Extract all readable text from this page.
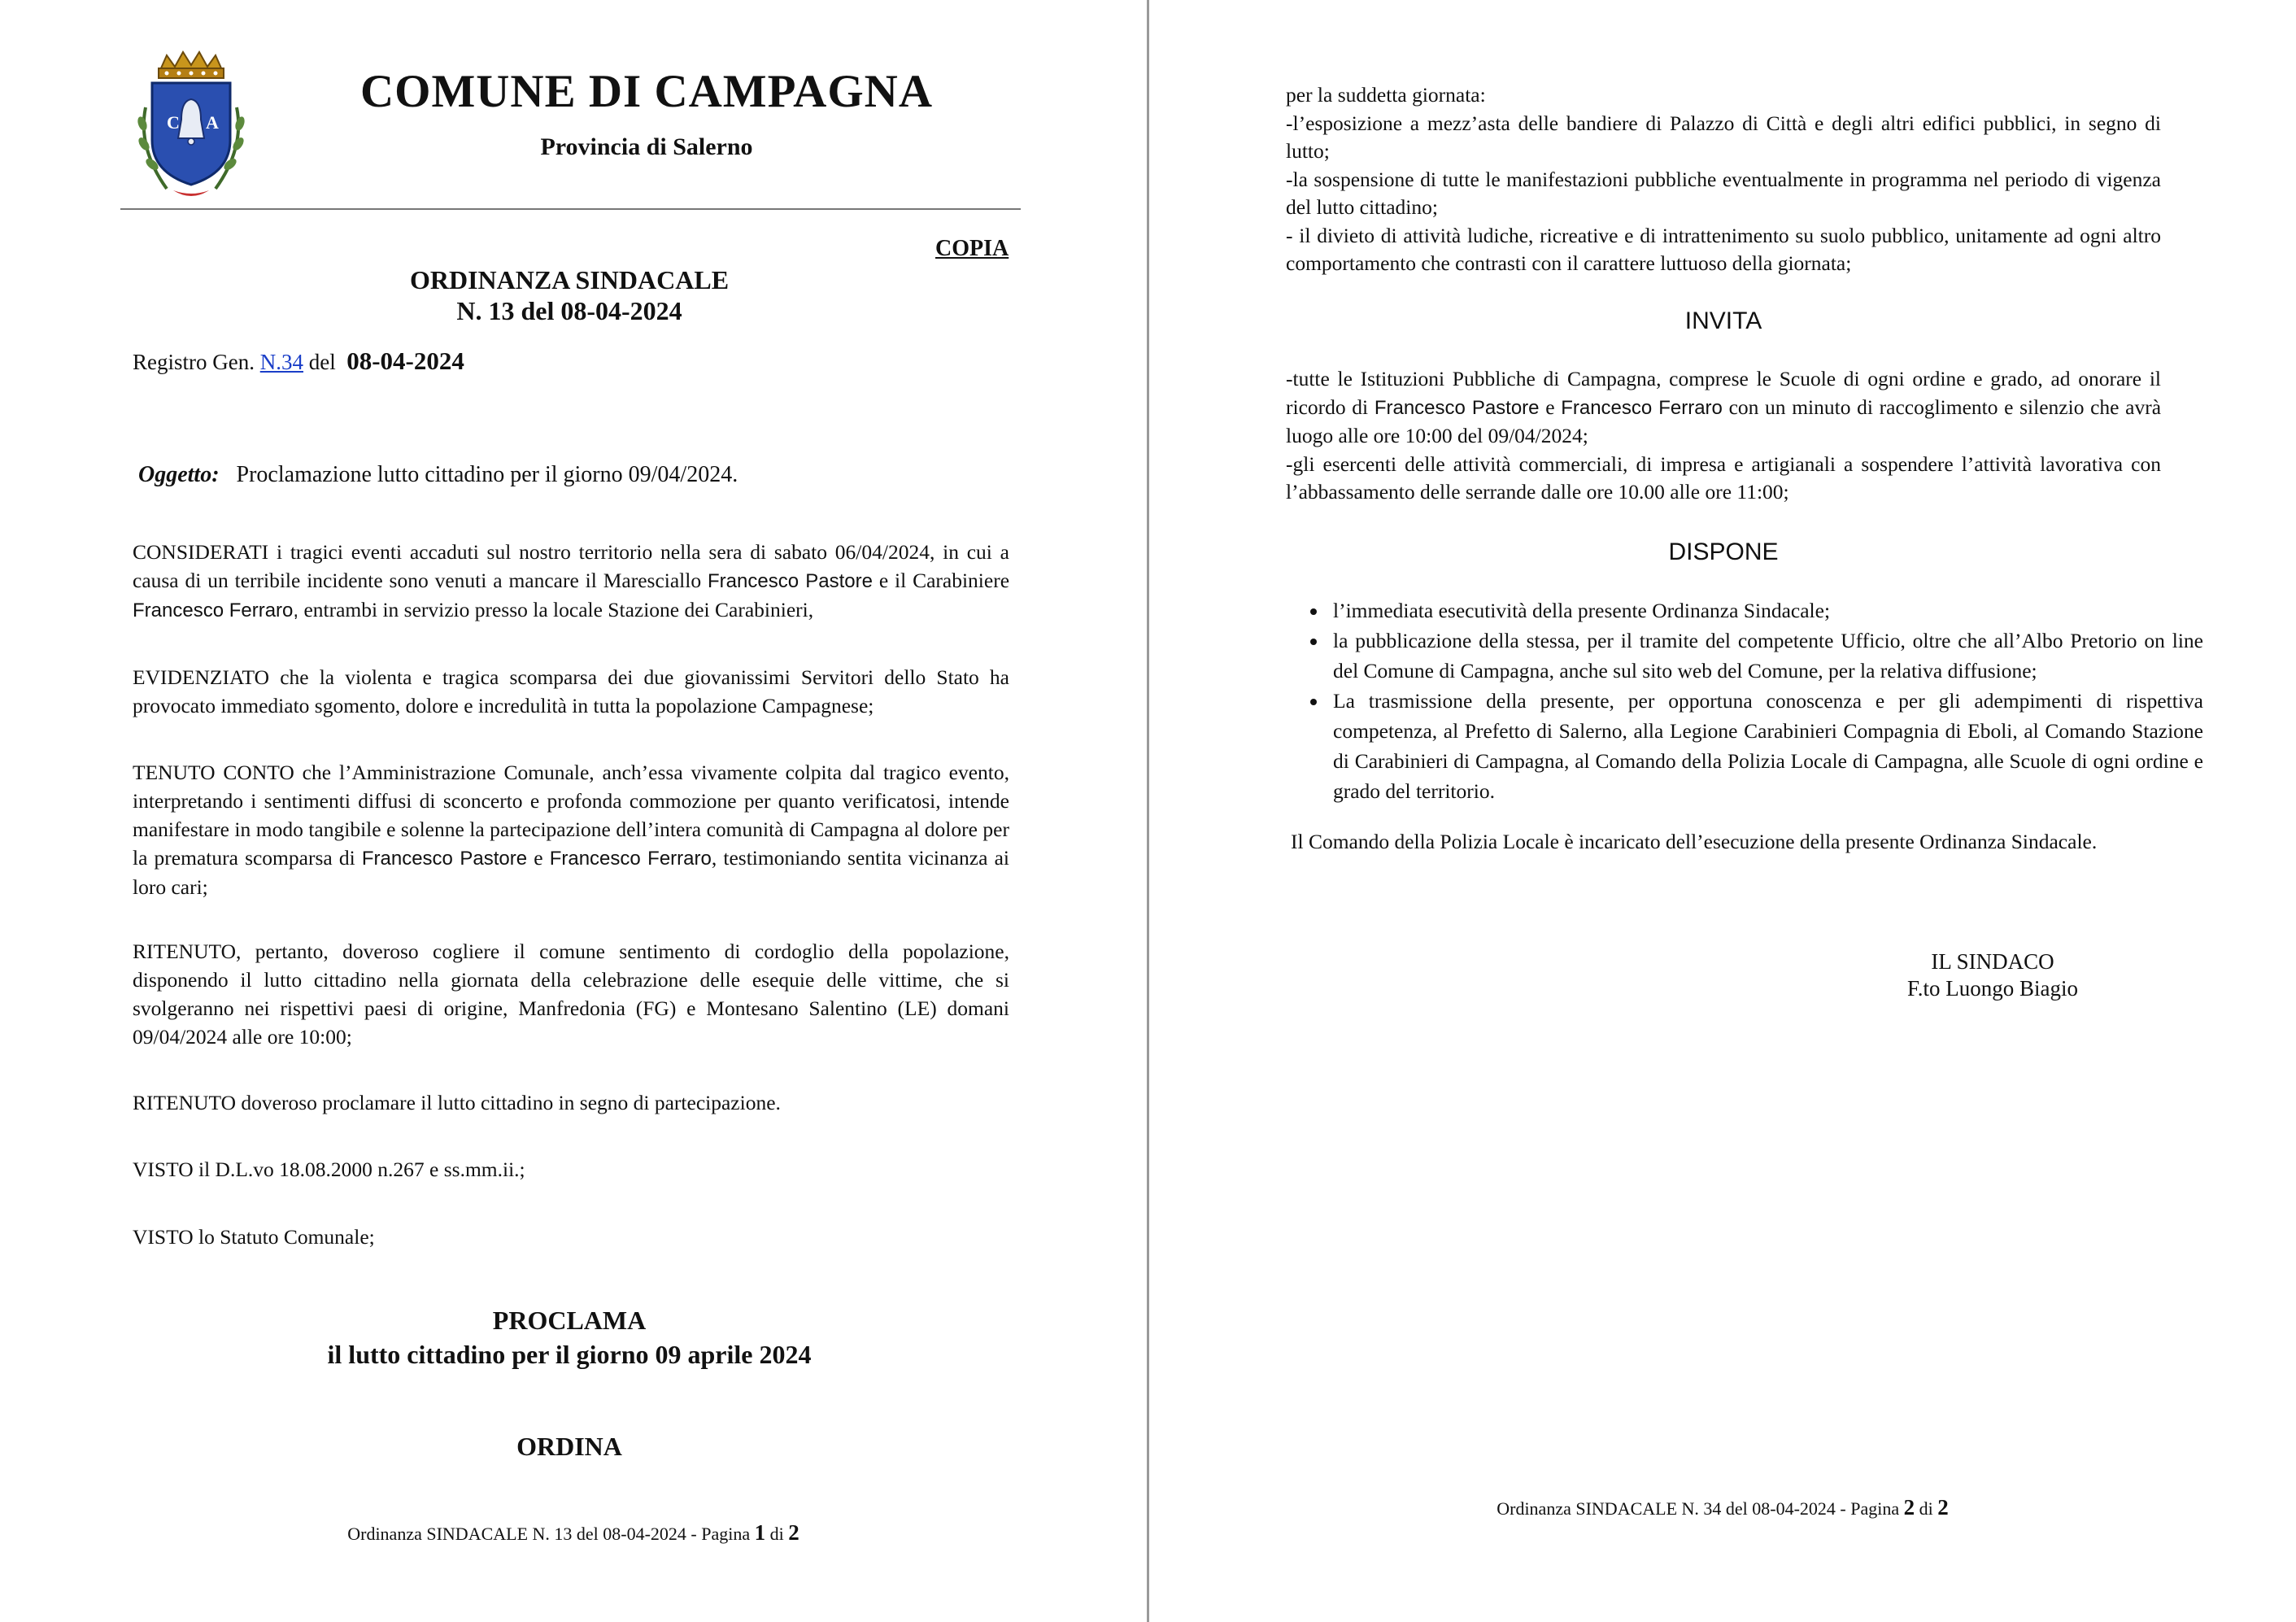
C A
COMUNE DI CAMPAGNA
Provincia di Salerno
COPIA
ORDINANZA SINDACALE
N. 13 del 08-04-2024
Registro Gen. N.34 del 08-04-2024
Oggetto: Proclamazione lutto cittadino per il giorno 09/04/2024.

CONSIDERATI i tragici eventi accaduti sul nostro territorio nella sera di sabato 06/04/2024, in cui a causa di un terribile incidente sono venuti a mancare il Maresciallo Francesco Pastore e il Carabiniere Francesco Ferraro, entrambi in servizio presso la locale Stazione dei Carabinieri,

EVIDENZIATO che la violenta e tragica scomparsa dei due giovanissimi Servitori dello Stato ha provocato immediato sgomento, dolore e incredulità in tutta la popolazione Campagnese;

TENUTO CONTO che l’Amministrazione Comunale, anch’essa vivamente colpita dal tragico evento, interpretando i sentimenti diffusi di sconcerto e profonda commozione per quanto verificatosi, intende manifestare in modo tangibile e solenne la partecipazione dell’intera comunità di Campagna al dolore per la prematura scomparsa di Francesco Pastore e Francesco Ferraro, testimoniando sentita vicinanza ai loro cari;

RITENUTO, pertanto, doveroso cogliere il comune sentimento di cordoglio della popolazione, disponendo il lutto cittadino nella giornata della celebrazione delle esequie delle vittime, che si svolgeranno nei rispettivi paesi di origine, Manfredonia (FG) e Montesano Salentino (LE) domani 09/04/2024 alle ore 10:00;

RITENUTO doveroso proclamare il lutto cittadino in segno di partecipazione.

VISTO il D.L.vo 18.08.2000 n.267 e ss.mm.ii.;

VISTO lo Statuto Comunale;

PROCLAMA
il lutto cittadino per il giorno 09 aprile 2024
ORDINA
Ordinanza SINDACALE N. 13 del 08-04-2024 - Pagina 1 di 2
per la suddetta giornata:
-l’esposizione a mezz’asta delle bandiere di Palazzo di Città e degli altri edifici pubblici, in segno di lutto;
-la sospensione di tutte le manifestazioni pubbliche eventualmente in programma nel periodo di vigenza del lutto cittadino;
- il divieto di attività ludiche, ricreative e di intrattenimento su suolo pubblico, unitamente ad ogni altro comportamento che contrasti con il carattere luttuoso della giornata;
INVITA
-tutte le Istituzioni Pubbliche di Campagna, comprese le Scuole di ogni ordine e grado, ad onorare il ricordo di Francesco Pastore e Francesco Ferraro con un minuto di raccoglimento e silenzio che avrà luogo alle ore 10:00 del 09/04/2024;
-gli esercenti delle attività commerciali, di impresa e artigianali a sospendere l’attività lavorativa con l’abbassamento delle serrande dalle ore 10.00 alle ore 11:00;
DISPONE
• l’immediata esecutività della presente Ordinanza Sindacale;
• la pubblicazione della stessa, per il tramite del competente Ufficio, oltre che all’Albo Pretorio on line del Comune di Campagna, anche sul sito web del Comune, per la relativa diffusione;
• La trasmissione della presente, per opportuna conoscenza e per gli adempimenti di rispettiva competenza, al Prefetto di Salerno, alla Legione Carabinieri Compagnia di Eboli, al Comando Stazione di Carabinieri di Campagna, al Comando della Polizia Locale di Campagna, alle Scuole di ogni ordine e grado del territorio.
Il Comando della Polizia Locale è incaricato dell’esecuzione della presente Ordinanza Sindacale.
IL SINDACO
F.to Luongo Biagio
Ordinanza SINDACALE N. 34 del 08-04-2024 - Pagina 2 di 2
